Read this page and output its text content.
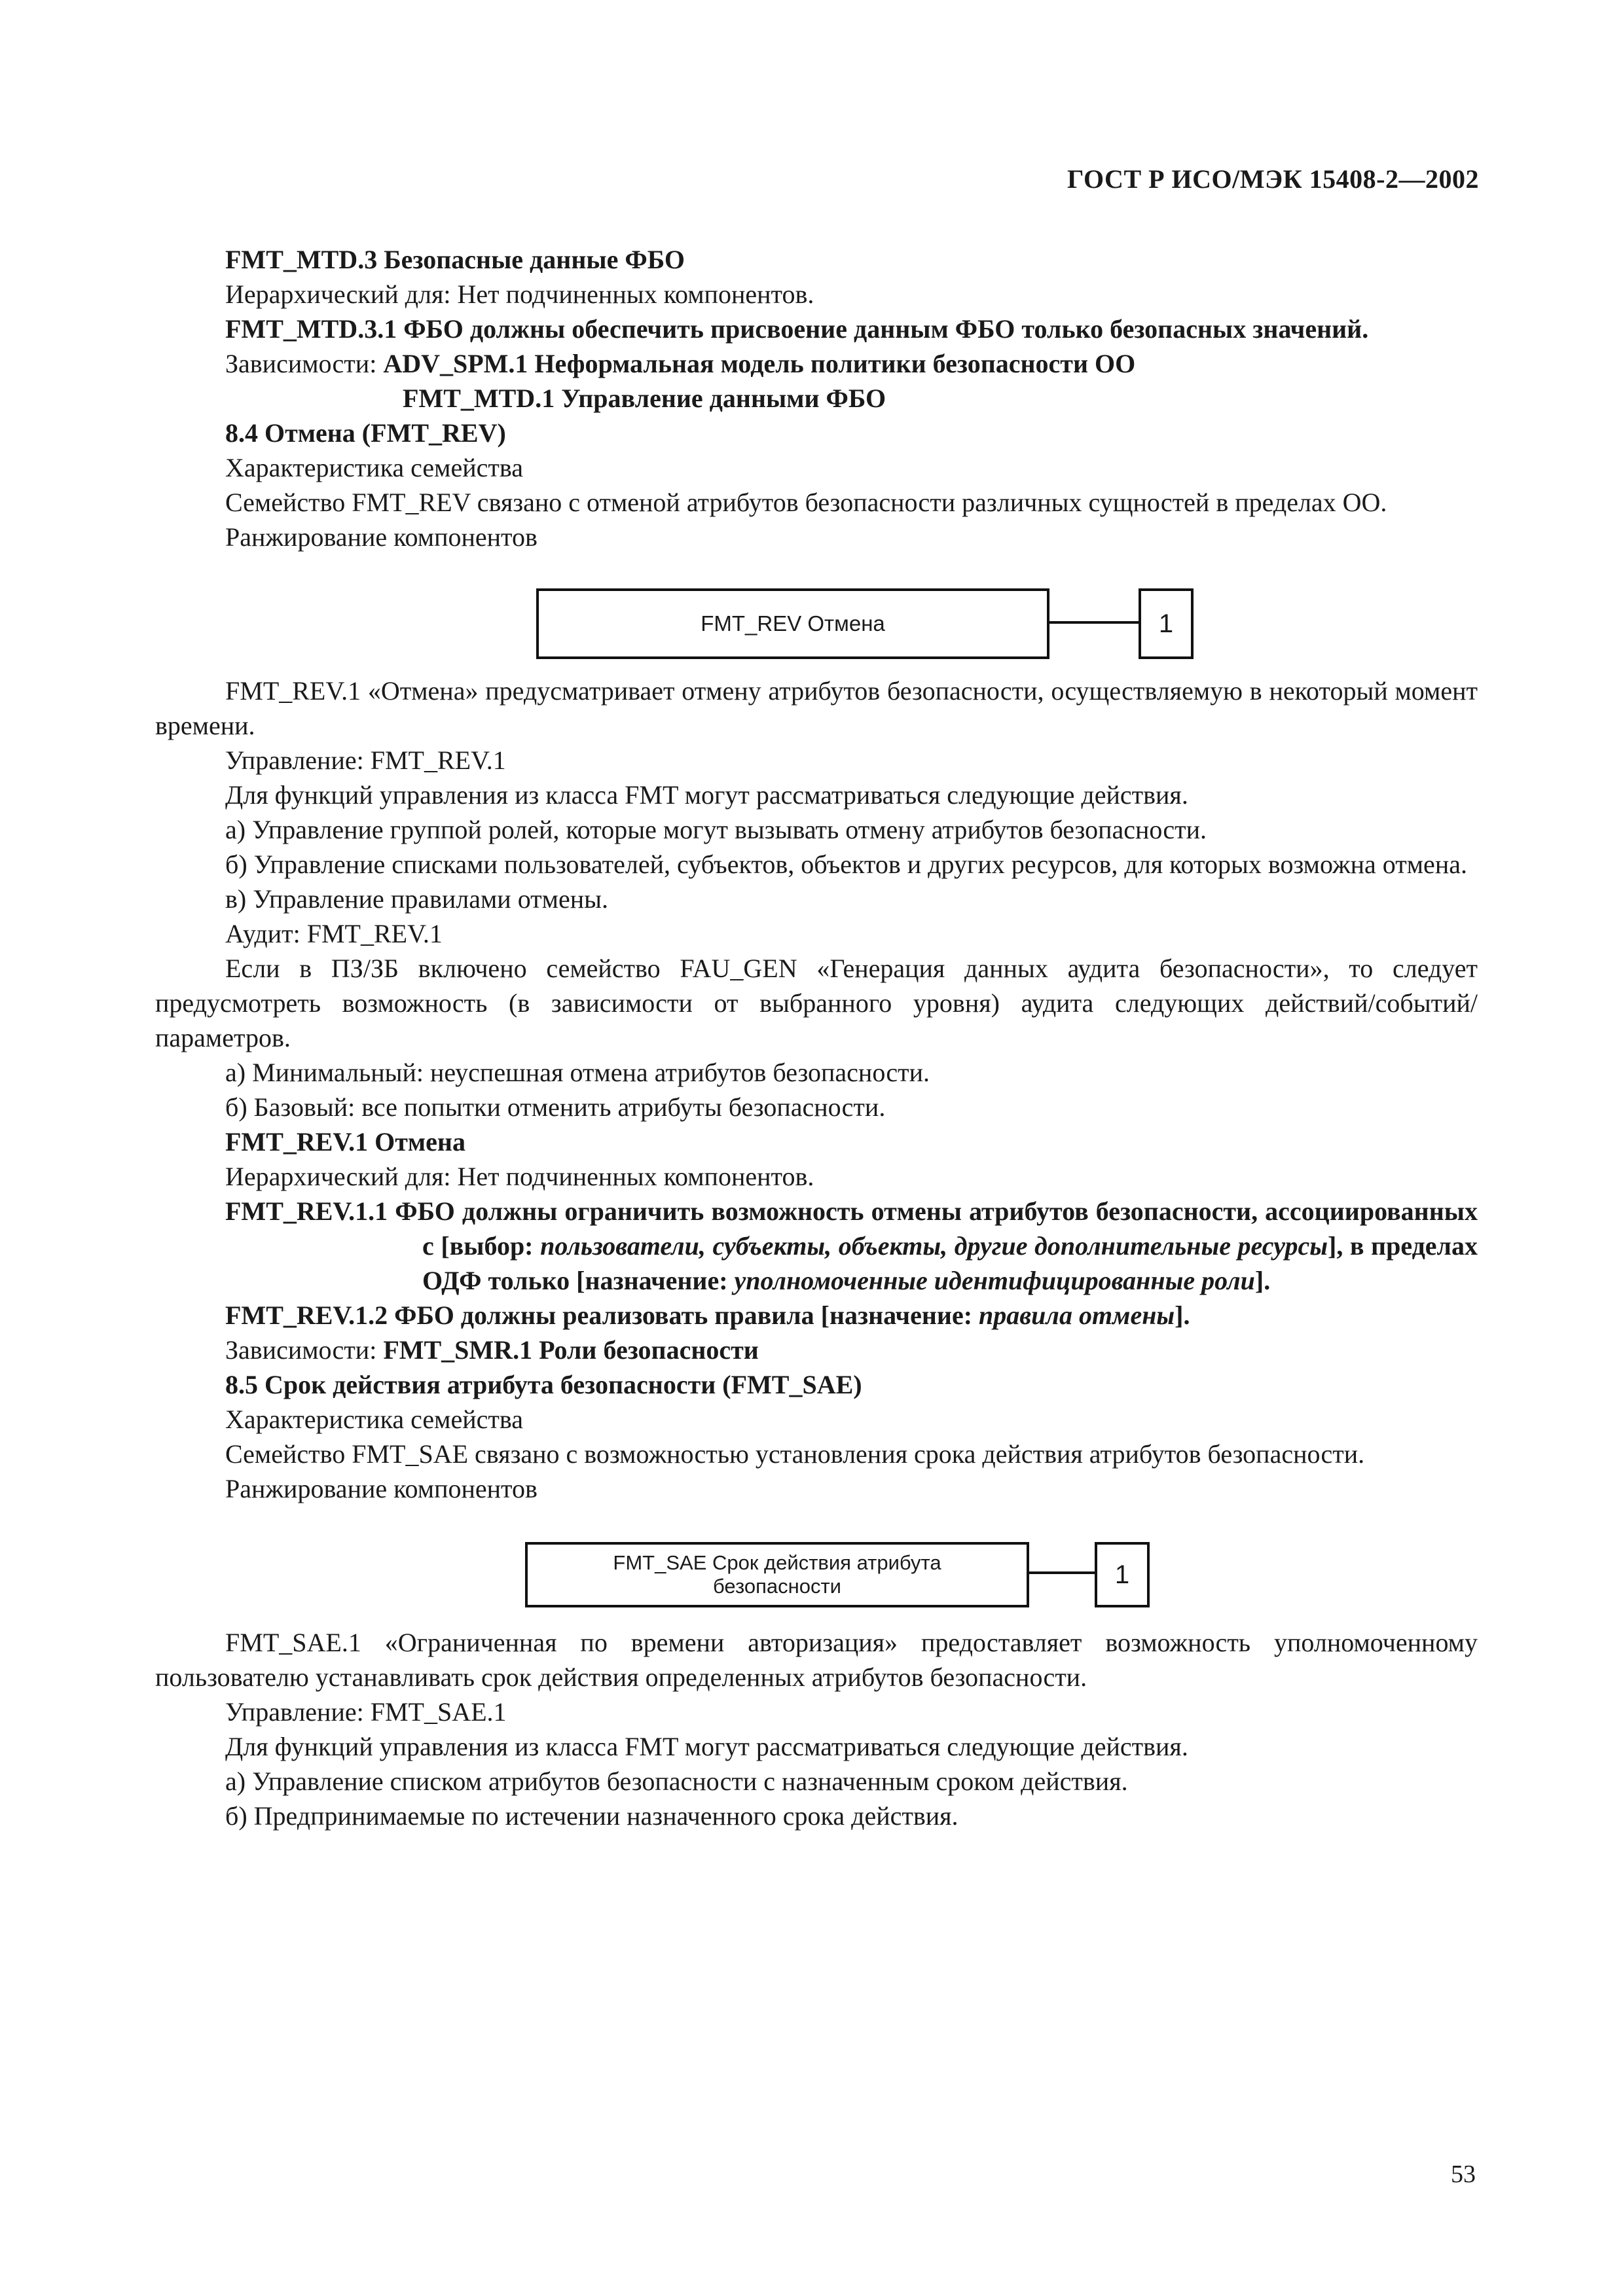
ГОСТ Р ИСО/МЭК 15408-2—2002

FMT_MTD.3 Безопасные данные ФБО

Иерархический для: Нет подчиненных компонентов.

FMT_MTD.3.1 ФБО должны обеспечить присвоение данным ФБО только безопасных значений.

Зависимости: ADV_SPM.1 Неформальная модель политики безопасности ОО

FMT_MTD.1 Управление данными ФБО

8.4 Отмена (FMT_REV)

Характеристика семейства

Семейство FMT_REV связано с отменой атрибутов безопасности различных сущностей в пределах ОО.

Ранжирование компонентов

FMT_REV Отмена	1

FMT_REV.1 «Отмена» предусматривает отмену атрибутов безопасности, осуществляемую в некоторый момент времени.

Управление: FMT_REV.1

Для функций управления из класса FMT могут рассматриваться следующие действия.

а) Управление группой ролей, которые могут вызывать отмену атрибутов безопасности.

б) Управление списками пользователей, субъектов, объектов и других ресурсов, для которых возможна отмена.

в) Управление правилами отмены.

Аудит: FMT_REV.1

Если в ПЗ/ЗБ включено семейство FAU_GEN «Генерация данных аудита безопасности», то следует предусмотреть возможность (в зависимости от выбранного уровня) аудита следующих действий/событий/параметров.

а) Минимальный: неуспешная отмена атрибутов безопасности.

б) Базовый: все попытки отменить атрибуты безопасности.

FMT_REV.1 Отмена

Иерархический для: Нет подчиненных компонентов.

FMT_REV.1.1 ФБО должны ограничить возможность отмены атрибутов безопасности, ассоциированных с [выбор: пользователи, субъекты, объекты, другие дополнительные ресурсы], в пределах ОДФ только [назначение: уполномоченные идентифицированные роли].

FMT_REV.1.2 ФБО должны реализовать правила [назначение: правила отмены].

Зависимости: FMT_SMR.1 Роли безопасности

8.5 Срок действия атрибута безопасности (FMT_SAE)

Характеристика семейства

Семейство FMT_SAE связано с возможностью установления срока действия атрибутов безопасности.

Ранжирование компонентов

FMT_SAE Срок действия атрибута
безопасности	1

FMT_SAE.1 «Ограниченная по времени авторизация» предоставляет возможность уполномоченному пользователю устанавливать срок действия определенных атрибутов безопасности.

Управление: FMT_SAE.1

Для функций управления из класса FMT могут рассматриваться следующие действия.

а) Управление списком атрибутов безопасности с назначенным сроком действия.

б) Предпринимаемые по истечении назначенного срока действия.

53
